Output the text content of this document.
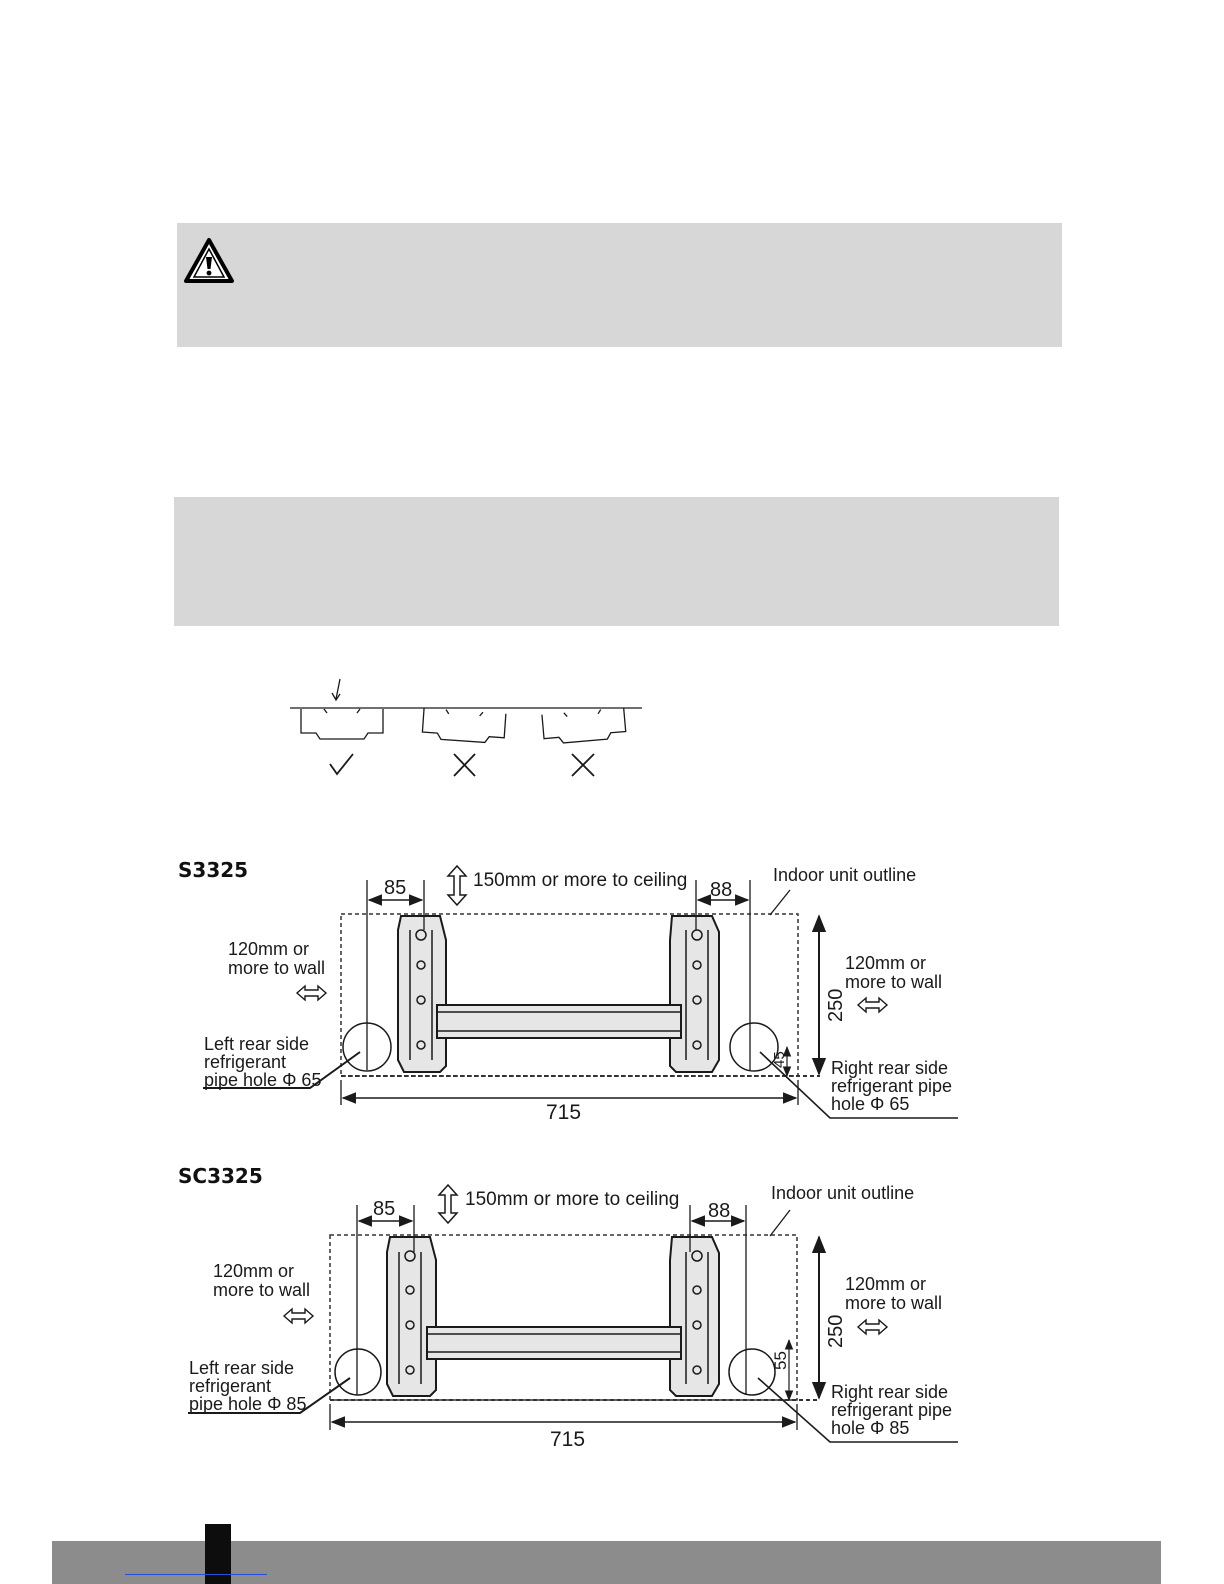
S3325
85	88
150mm or more to ceiling	Indoor unit outline
120mm or
more to wall	120mm or
more to wall
250
45
Left rear side
refrigerant
pipe hole Φ 65
Right rear side
refrigerant pipe
hole Φ 65
715
85	88
150mm or more to ceiling	Indoor unit outline
120mm or
more to wall	120mm or
more to wall
250
55
Left rear side
refrigerant
pipe hole Φ 85
Right rear side
refrigerant pipe
hole Φ 85
715
SC3325
